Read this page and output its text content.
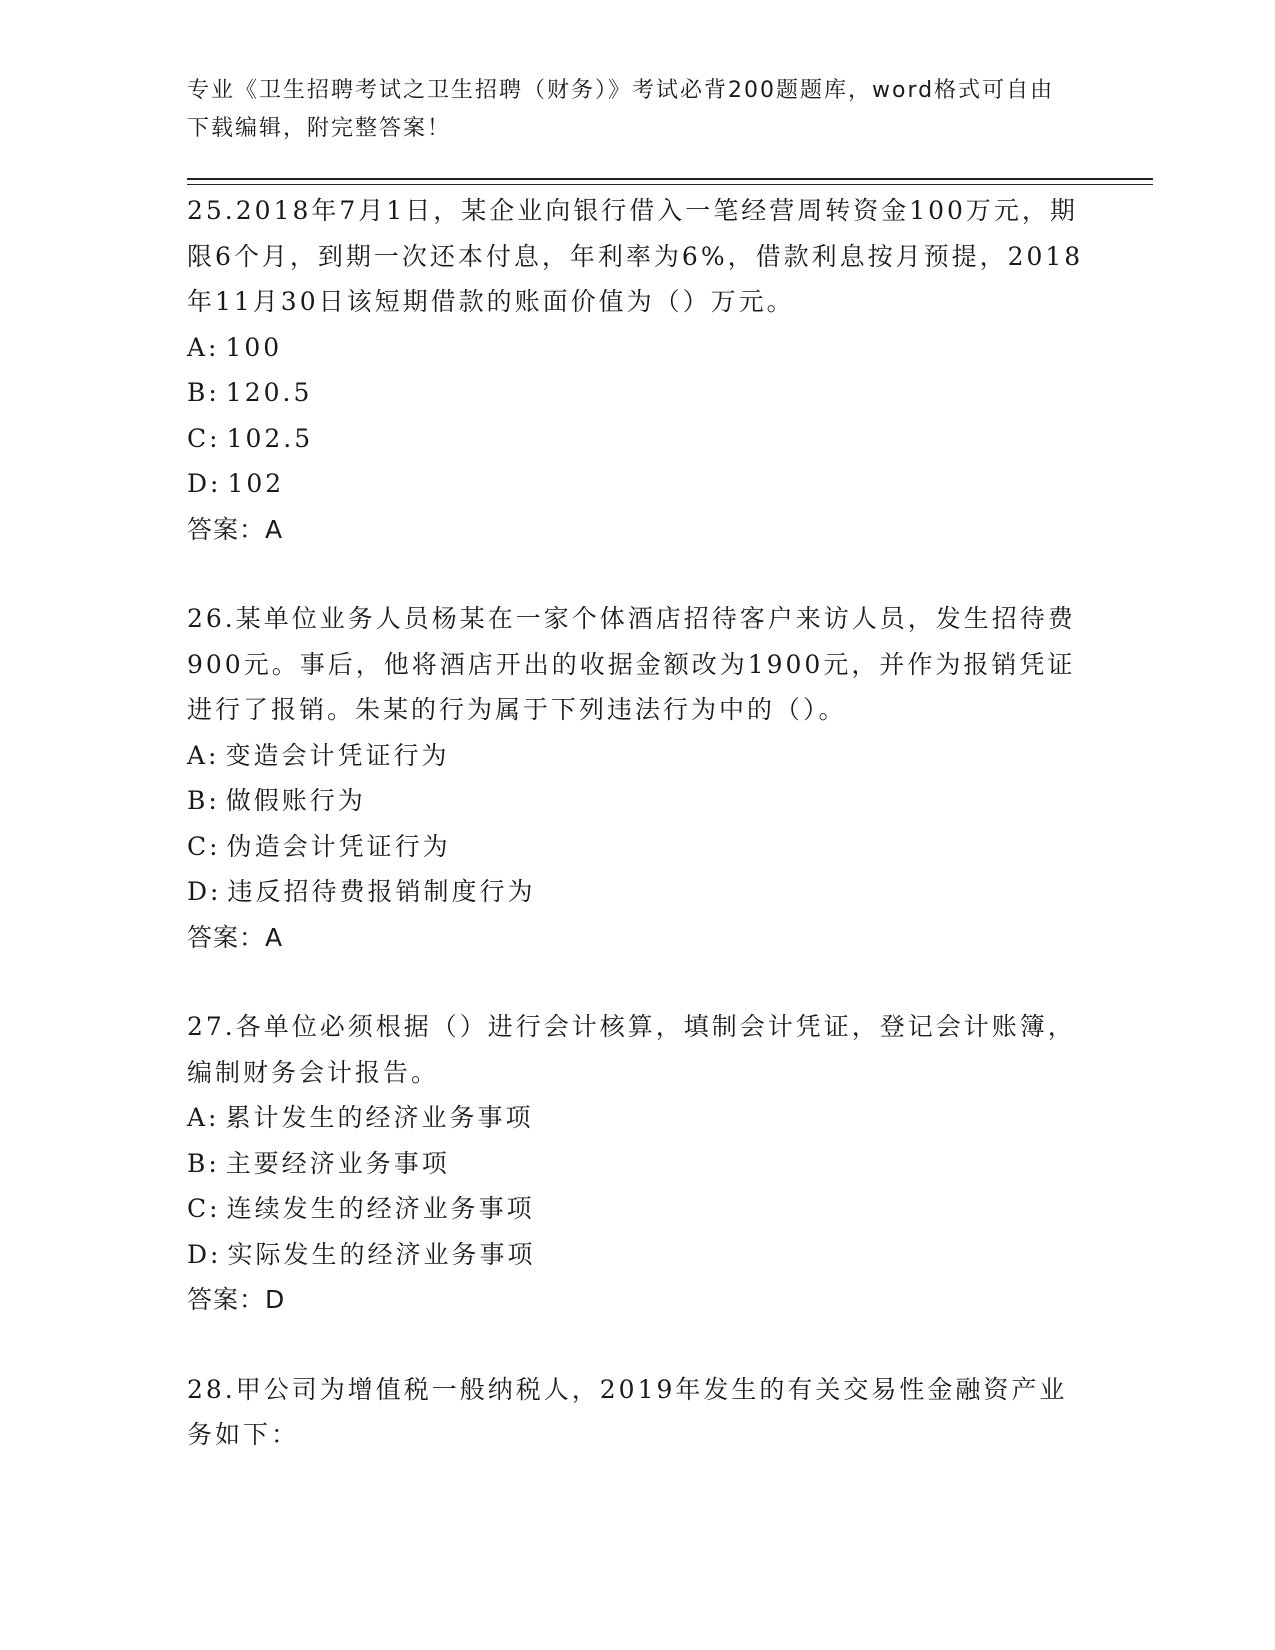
专业《卫生招聘考试之卫生招聘（财务）》考试必背200题题库，word格式可自由下载编辑，附完整答案！

25.2018年7月1日，某企业向银行借入一笔经营周转资金100万元，期限6个月，到期一次还本付息，年利率为6%，借款利息按月预提，2018年11月30日该短期借款的账面价值为（）万元。

A: 100

B: 120.5

C: 102.5

D: 102

答案：A

26.某单位业务人员杨某在一家个体酒店招待客户来访人员，发生招待费900元。事后，他将酒店开出的收据金额改为1900元，并作为报销凭证进行了报销。朱某的行为属于下列违法行为中的（）。

A: 变造会计凭证行为

B: 做假账行为

C: 伪造会计凭证行为

D: 违反招待费报销制度行为

答案：A

27.各单位必须根据（）进行会计核算，填制会计凭证，登记会计账簿，编制财务会计报告。

A: 累计发生的经济业务事项

B: 主要经济业务事项

C: 连续发生的经济业务事项

D: 实际发生的经济业务事项

答案：D

28.甲公司为增值税一般纳税人，2019年发生的有关交易性金融资产业务如下：
